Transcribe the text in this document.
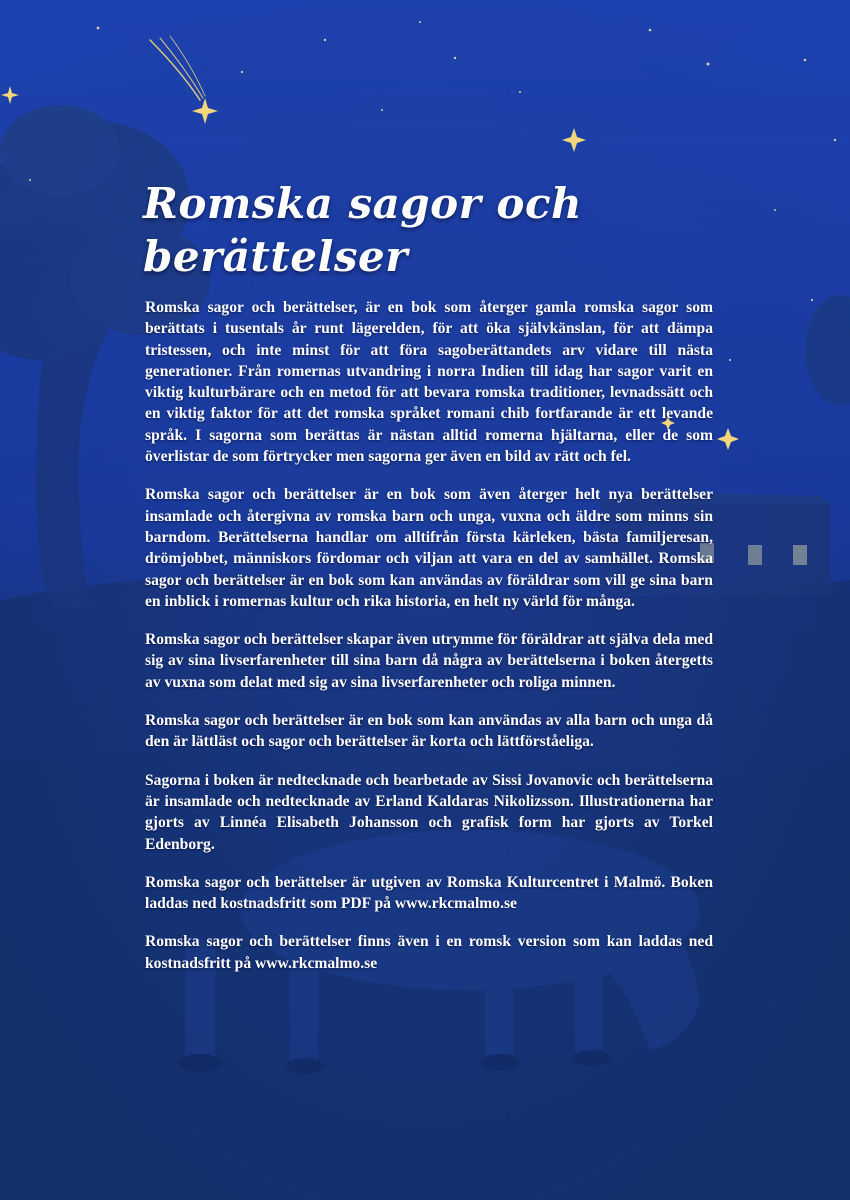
Romska sagor och berättelser

Romska sagor och berättelser, är en bok som återger gamla romska sagor som berättats i tusentals år runt lägerelden, för att öka självkänslan, för att dämpa tristessen, och inte minst för att föra sagoberättandets arv vidare till nästa generationer. Från romernas utvandring i norra Indien till idag har sagor varit en viktig kulturbärare och en metod för att bevara romska traditioner, levnadssätt och en viktig faktor för att det romska språket romani chib fortfarande är ett levande språk. I sagorna som berättas är nästan alltid romerna hjältarna, eller de som överlistar de som förtrycker men sagorna ger även en bild av rätt och fel.

Romska sagor och berättelser är en bok som även återger helt nya berättelser insamlade och återgivna av romska barn och unga, vuxna och äldre som minns sin barndom. Berättelserna handlar om alltifrån första kärleken, bästa familjeresan, drömjobbet, människors fördomar och viljan att vara en del av samhället. Romska sagor och berättelser är en bok som kan användas av föräldrar som vill ge sina barn en inblick i romernas kultur och rika historia, en helt ny värld för många.

Romska sagor och berättelser skapar även utrymme för föräldrar att själva dela med sig av sina livserfarenheter till sina barn då några av berättelserna i boken återgetts av vuxna som delat med sig av sina livserfarenheter och roliga minnen.

Romska sagor och berättelser är en bok som kan användas av alla barn och unga då den är lättläst och sagor och berättelser är korta och lättförståeliga.

Sagorna i boken är nedtecknade och bearbetade av Sissi Jovanovic och berättelserna är insamlade och nedtecknade av Erland Kaldaras Nikolizsson. Illustrationerna har gjorts av Linnéa Elisabeth Johansson och grafisk form har gjorts av Torkel Edenborg.

Romska sagor och berättelser är utgiven av Romska Kulturcentret i Malmö. Boken laddas ned kostnadsfritt som PDF på www.rkcmalmo.se

Romska sagor och berättelser finns även i en romsk version som kan laddas ned kostnadsfritt på www.rkcmalmo.se
